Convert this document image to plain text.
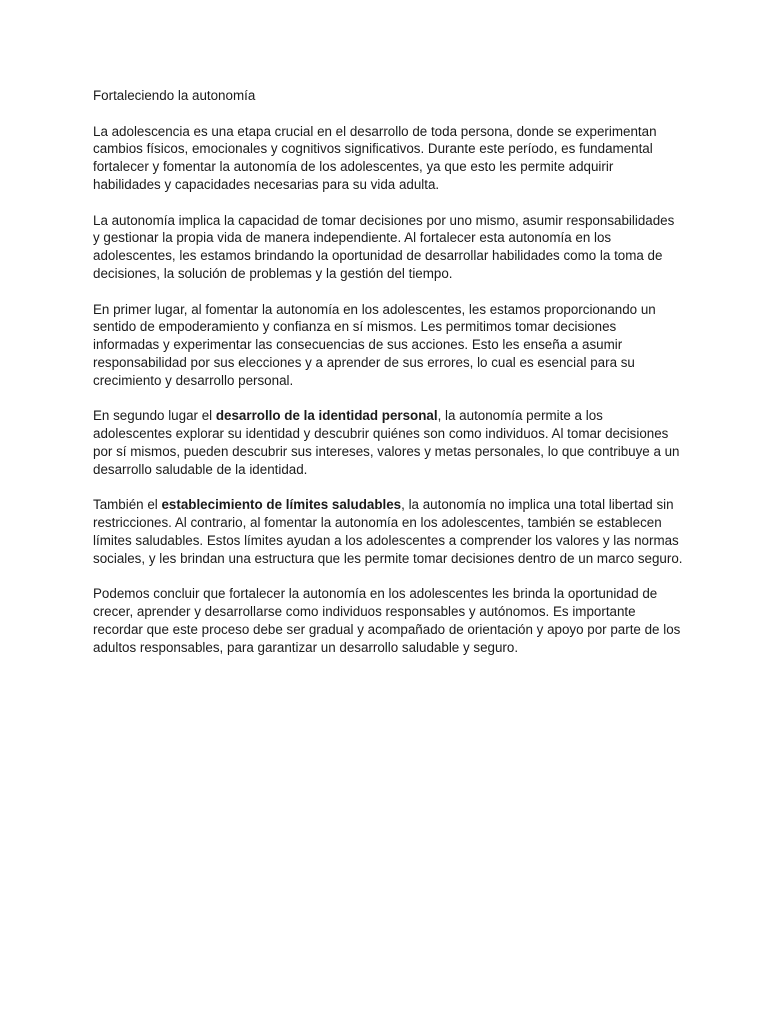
Fortaleciendo la autonomía

La adolescencia es una etapa crucial en el desarrollo de toda persona, donde se experimentan cambios físicos, emocionales y cognitivos significativos. Durante este período, es fundamental fortalecer y fomentar la autonomía de los adolescentes, ya que esto les permite adquirir habilidades y capacidades necesarias para su vida adulta.

La autonomía implica la capacidad de tomar decisiones por uno mismo, asumir responsabilidades y gestionar la propia vida de manera independiente. Al fortalecer esta autonomía en los adolescentes, les estamos brindando la oportunidad de desarrollar habilidades como la toma de decisiones, la solución de problemas y la gestión del tiempo.

En primer lugar, al fomentar la autonomía en los adolescentes, les estamos proporcionando un sentido de empoderamiento y confianza en sí mismos. Les permitimos tomar decisiones informadas y experimentar las consecuencias de sus acciones. Esto les enseña a asumir responsabilidad por sus elecciones y a aprender de sus errores, lo cual es esencial para su crecimiento y desarrollo personal.

En segundo lugar el desarrollo de la identidad personal, la autonomía permite a los adolescentes explorar su identidad y descubrir quiénes son como individuos. Al tomar decisiones por sí mismos, pueden descubrir sus intereses, valores y metas personales, lo que contribuye a un desarrollo saludable de la identidad.

También el establecimiento de límites saludables, la autonomía no implica una total libertad sin restricciones. Al contrario, al fomentar la autonomía en los adolescentes, también se establecen límites saludables. Estos límites ayudan a los adolescentes a comprender los valores y las normas sociales, y les brindan una estructura que les permite tomar decisiones dentro de un marco seguro.

Podemos concluir que fortalecer la autonomía en los adolescentes les brinda la oportunidad de crecer, aprender y desarrollarse como individuos responsables y autónomos. Es importante recordar que este proceso debe ser gradual y acompañado de orientación y apoyo por parte de los adultos responsables, para garantizar un desarrollo saludable y seguro.
